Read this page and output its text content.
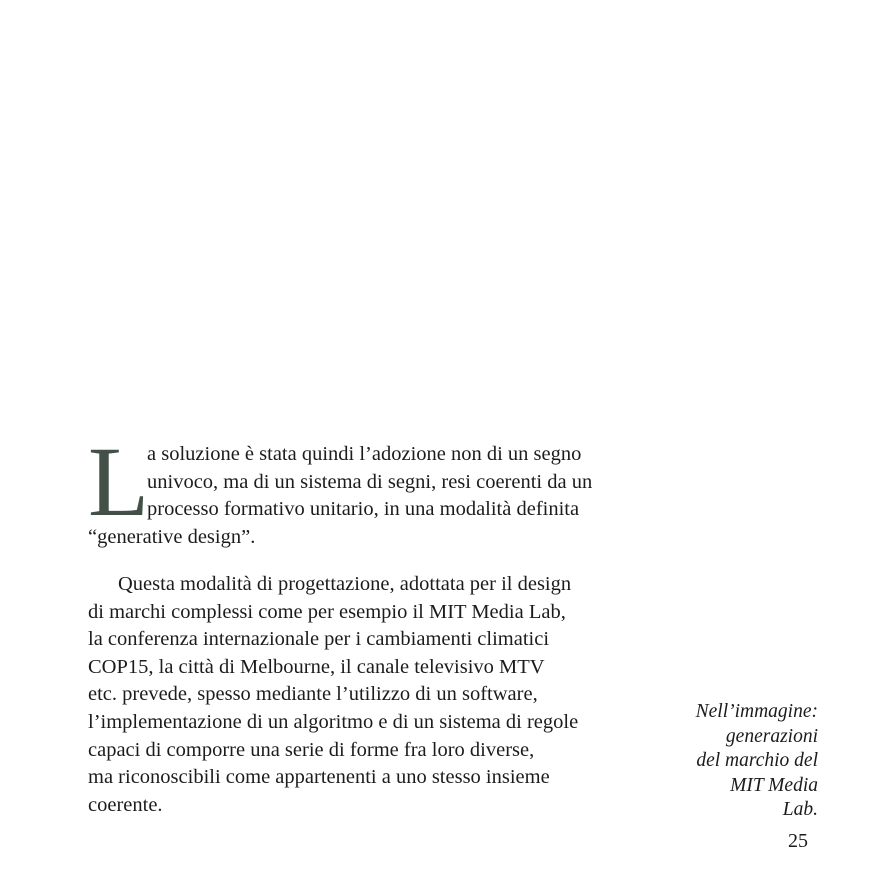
L
a soluzione è stata quindi l’adozione non di un segno
univoco, ma di un sistema di segni, resi coerenti da un
processo formativo unitario, in una modalità definita
“generative design”.
Questa modalità di progettazione, adottata per il design
di marchi complessi come per esempio il MIT Media Lab,
la conferenza internazionale per i cambiamenti climatici
COP15, la città di Melbourne, il canale televisivo MTV
etc. prevede, spesso mediante l’utilizzo di un software,
l’implementazione di un algoritmo e di un sistema di regole
capaci di comporre una serie di forme fra loro diverse,
ma riconoscibili come appartenenti a uno stesso insieme
coerente.
Nell’immagine:
generazioni
del marchio del
MIT Media
Lab.
25
